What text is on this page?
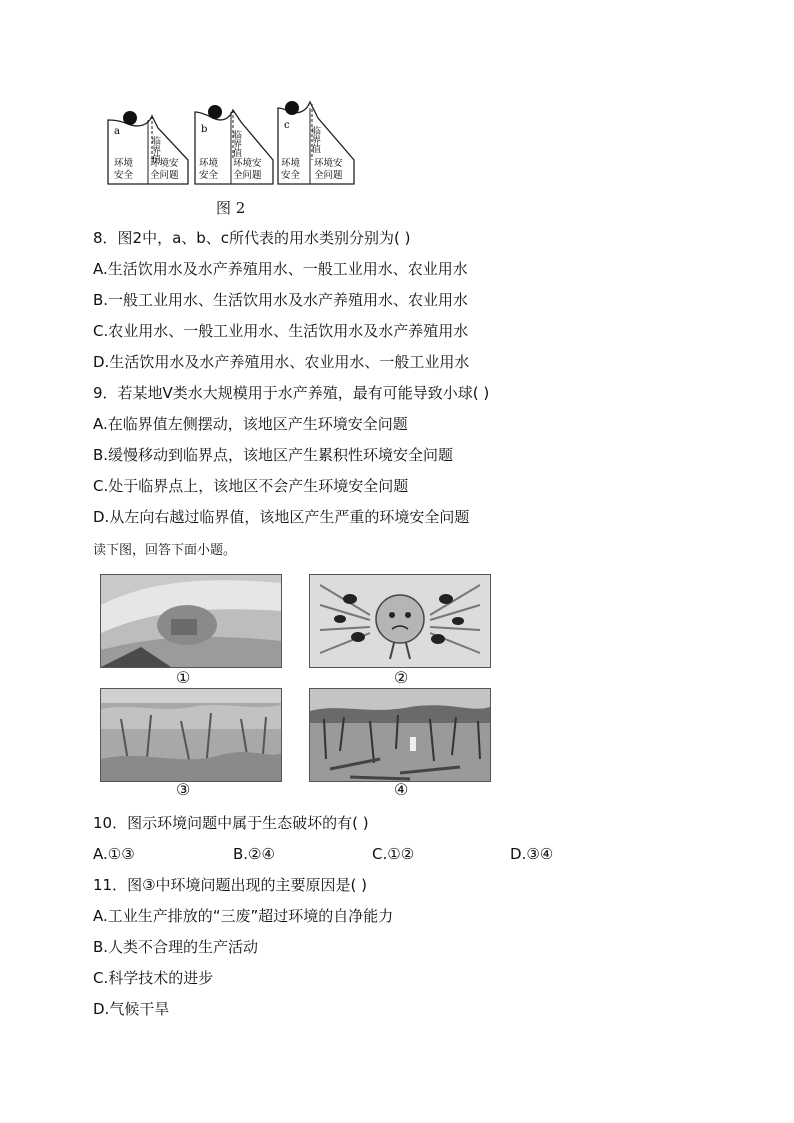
a
临界值
环境
安全
环境安
全问题
b
临界值
环境
安全
环境安
全问题
c
临界值
环境
安全
环境安
全问题
图 2
8．图2中，a、b、c所代表的用水类别分别为( )
A.生活饮用水及水产养殖用水、一般工业用水、农业用水
B.一般工业用水、生活饮用水及水产养殖用水、农业用水
C.农业用水、一般工业用水、生活饮用水及水产养殖用水
D.生活饮用水及水产养殖用水、农业用水、一般工业用水
9．若某地Ⅴ类水大规模用于水产养殖，最有可能导致小球( )
A.在临界值左侧摆动，该地区产生环境安全问题
B.缓慢移动到临界点，该地区产生累积性环境安全问题
C.处于临界点上，该地区不会产生环境安全问题
D.从左向右越过临界值，该地区产生严重的环境安全问题
读下图，回答下面小题。
①	②
③	④
10．图示环境问题中属于生态破坏的有( )
A.①③	B.②④	C.①②	D.③④
11．图③中环境问题出现的主要原因是( )
A.工业生产排放的“三废”超过环境的自净能力
B.人类不合理的生产活动
C.科学技术的进步
D.气候干旱
